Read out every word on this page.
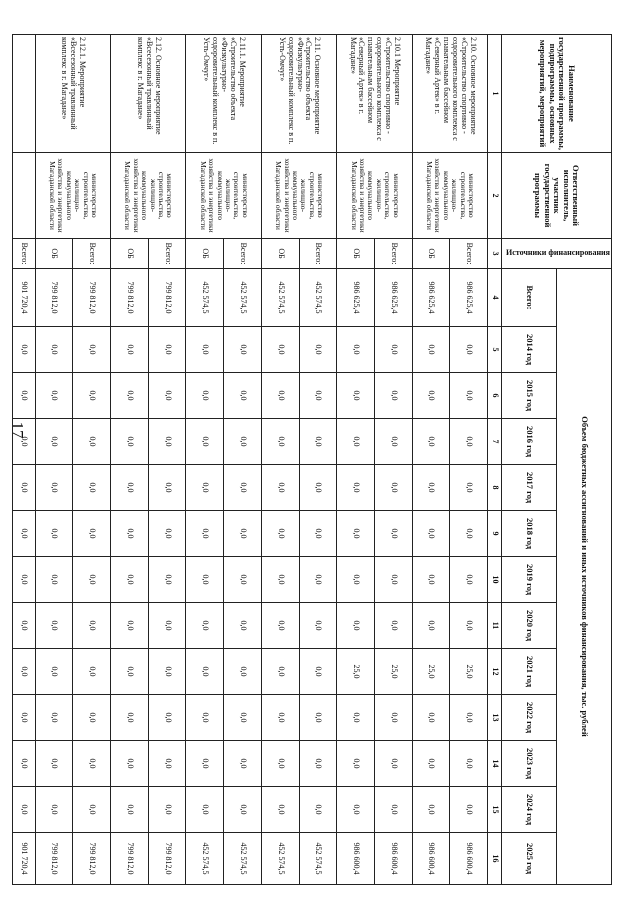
17
Наименование государственной программы, подпрограммы, основных мероприятий, мероприятий	Ответственный исполнитель, участник государственной программы	Источники финансирования	Объем бюджетных ассигнований и иных источников финансирования, тыс. рублей												
			Всего:	2014 год	2015 год	2016 год	2017 год	2018 год	2019 год	2020 год	2021 год	2022 год	2023 год	2024 год	2025 год
1	2	3	4	5	6	7	8	9	10	11	12	13	14	15	16
2.10. Основное мероприятие «Строительство спортивно - оздоровительного комплекса с плавательным бассейном «Северный Артек» в г. Магадане»	министерство строительства, жилищно-коммунального хозяйства и энергетики Магаданской области	Всего:	986 625,4	0,0	0,0	0,0	0,0	0,0	0,0	0,0	25,0	0,0	0,0	0,0	986 600,4
		ОБ	986 625,4	0,0	0,0	0,0	0,0	0,0	0,0	0,0	25,0	0,0	0,0	0,0	986 600,4
2.10.1 Мероприятие «Строительство спортивно - оздоровительного комплекса с плавательным бассейном «Северный Артек» в г. Магадане»	министерство строительства, жилищно-коммунального хозяйства и энергетики Магаданской области	Всего:	986 625,4	0,0	0,0	0,0	0,0	0,0	0,0	0,0	25,0	0,0	0,0	0,0	986 600,4
		ОБ	986 625,4	0,0	0,0	0,0	0,0	0,0	0,0	0,0	25,0	0,0	0,0	0,0	986 600,4
2.11. Основное мероприятие «Строительство объекта «Физкультурно-оздоровительный комплекс в п. Усть-Омчуг»	министерство строительства, жилищно-коммунального хозяйства и энергетики Магаданской области	Всего:	452 574,5	0,0	0,0	0,0	0,0	0,0	0,0	0,0	0,0	0,0	0,0	0,0	452 574,5
		ОБ	452 574,5	0,0	0,0	0,0	0,0	0,0	0,0	0,0	0,0	0,0	0,0	0,0	452 574,5
2.11.1. Мероприятие «Строительство объекта «Физкультурно-оздоровительный комплекс в п. Усть-Омчуг»	министерство строительства, жилищно-коммунального хозяйства и энергетики Магаданской области	Всего:	452 574,5	0,0	0,0	0,0	0,0	0,0	0,0	0,0	0,0	0,0	0,0	0,0	452 574,5
		ОБ	452 574,5	0,0	0,0	0,0	0,0	0,0	0,0	0,0	0,0	0,0	0,0	0,0	452 574,5
2.12. Основное мероприятие «Всесезонный травлинный комплекс в г. Магадане»	министерство строительства, жилищно-коммунального хозяйства и энергетики Магаданской области	Всего:	799 812,0	0,0	0,0	0,0	0,0	0,0	0,0	0,0	0,0	0,0	0,0	0,0	799 812,0
		ОБ	799 812,0	0,0	0,0	0,0	0,0	0,0	0,0	0,0	0,0	0,0	0,0	0,0	799 812,0
2.12.1. Мероприятие «Всесезонный травлинный комплекс в г. Магадане»	министерство строительства, жилищно-коммунального хозяйства и энергетики Магаданской области	Всего:	799 812,0	0,0	0,0	0,0	0,0	0,0	0,0	0,0	0,0	0,0	0,0	0,0	799 812,0
		ОБ	799 812,0	0,0	0,0	0,0	0,0	0,0	0,0	0,0	0,0	0,0	0,0	0,0	799 812,0
		Всего:	901 720,4	0,0	0,0	0,0	0,0	0,0	0,0	0,0	0,0	0,0	0,0	0,0	901 720,4
